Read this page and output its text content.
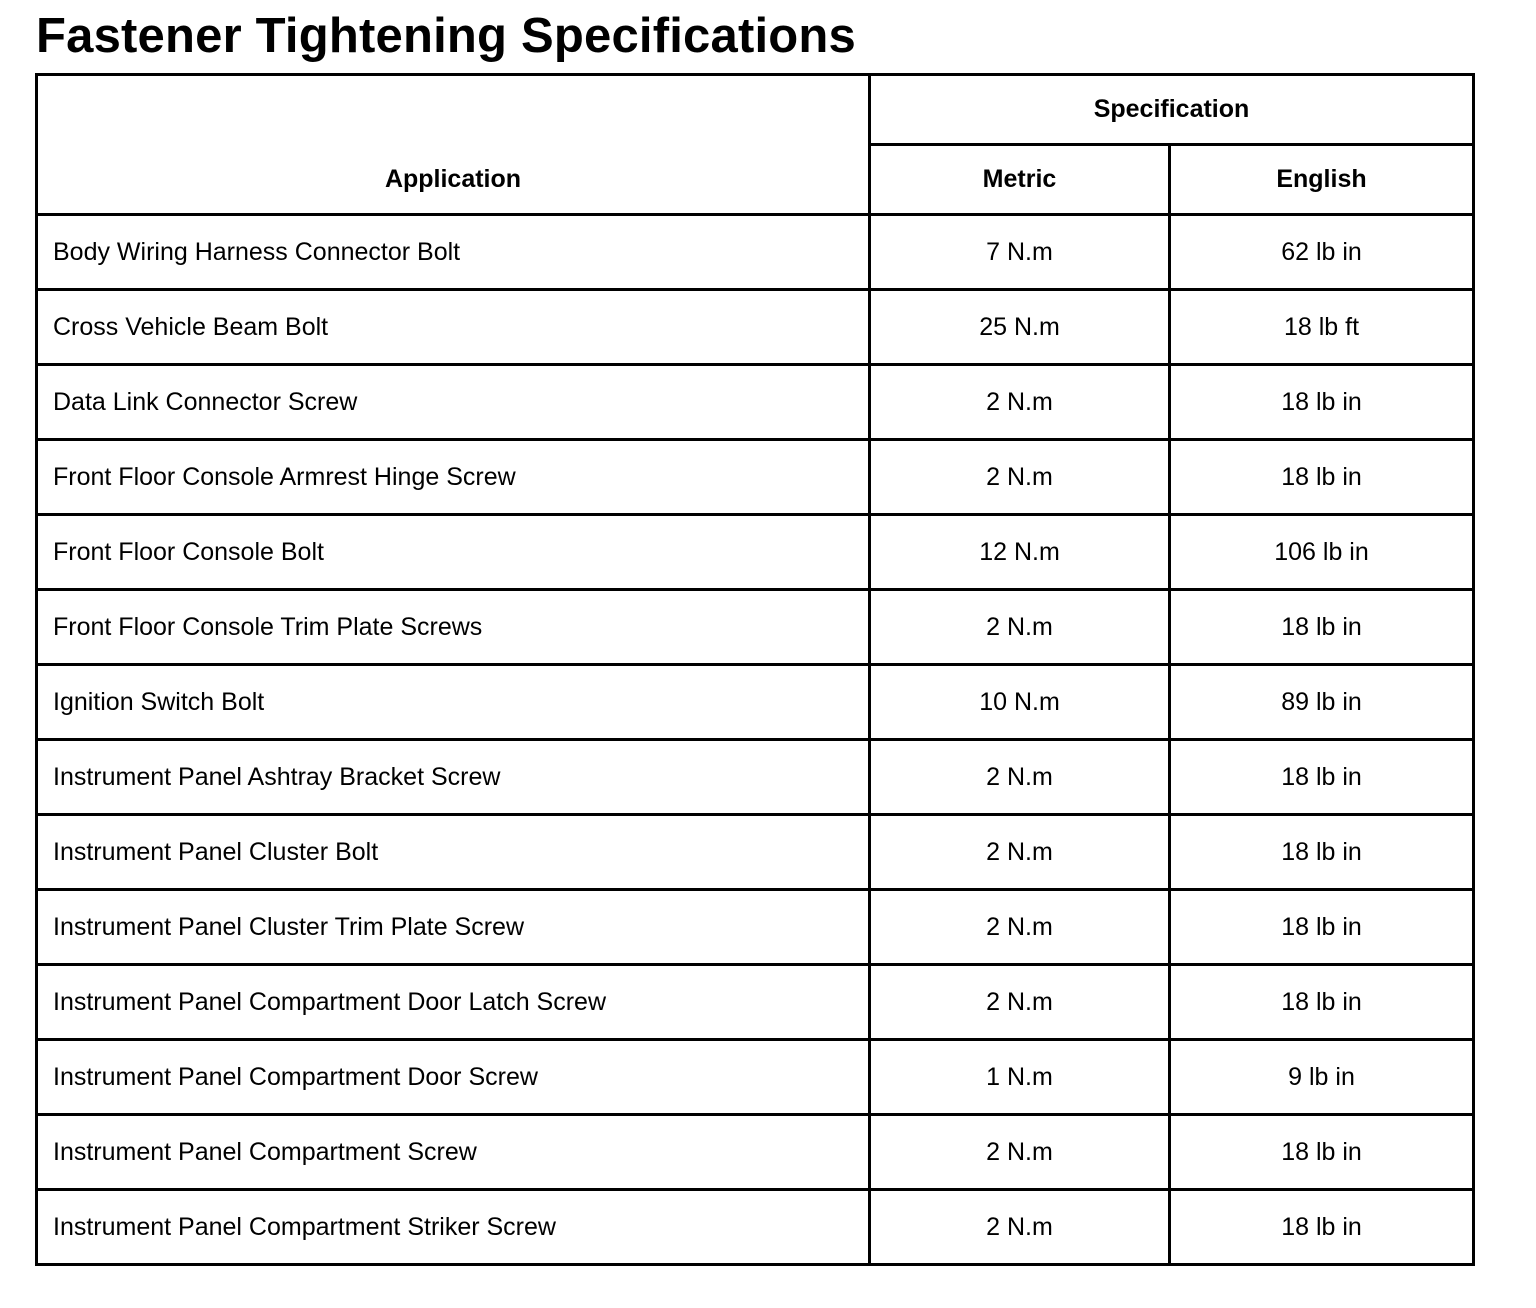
Fastener Tightening Specifications
Application	Specification	
	Metric	English
Body Wiring Harness Connector Bolt	7 N.m	62 lb in
Cross Vehicle Beam Bolt	25 N.m	18 lb ft
Data Link Connector Screw	2 N.m	18 lb in
Front Floor Console Armrest Hinge Screw	2 N.m	18 lb in
Front Floor Console Bolt	12 N.m	106 lb in
Front Floor Console Trim Plate Screws	2 N.m	18 lb in
Ignition Switch Bolt	10 N.m	89 lb in
Instrument Panel Ashtray Bracket Screw	2 N.m	18 lb in
Instrument Panel Cluster Bolt	2 N.m	18 lb in
Instrument Panel Cluster Trim Plate Screw	2 N.m	18 lb in
Instrument Panel Compartment Door Latch Screw	2 N.m	18 lb in
Instrument Panel Compartment Door Screw	1 N.m	9 lb in
Instrument Panel Compartment Screw	2 N.m	18 lb in
Instrument Panel Compartment Striker Screw	2 N.m	18 lb in
